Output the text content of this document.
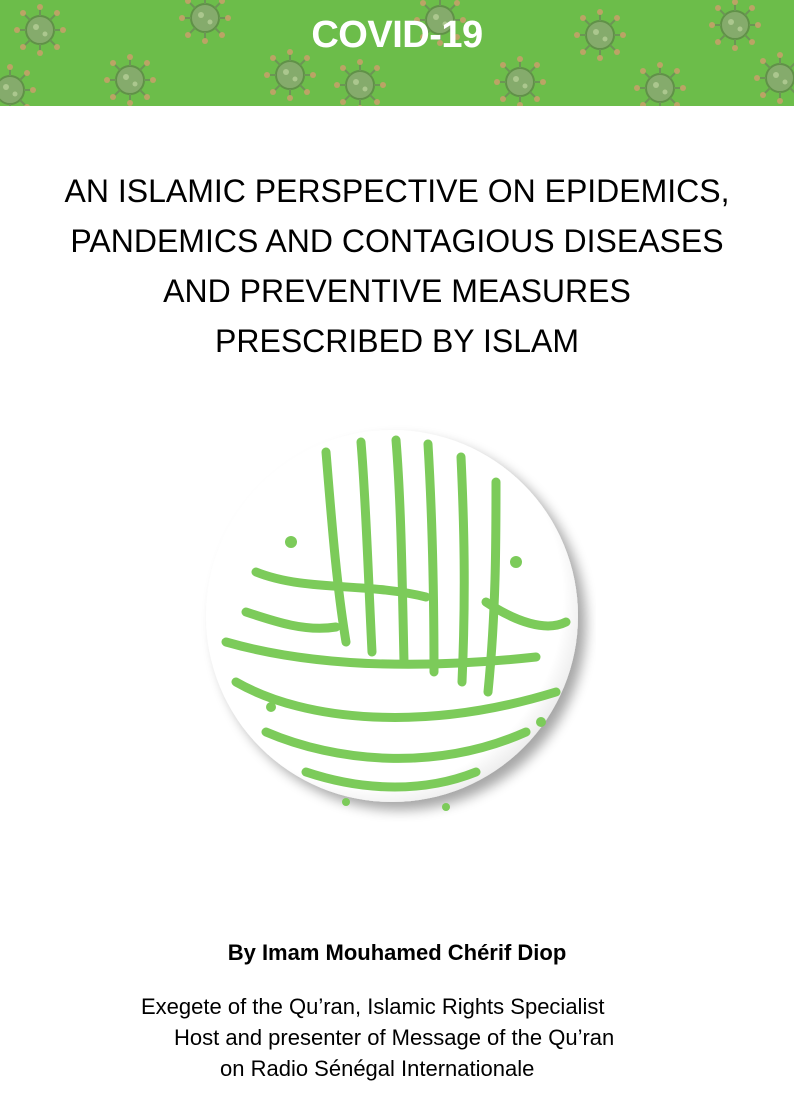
COVID-19
AN ISLAMIC PERSPECTIVE ON EPIDEMICS,
PANDEMICS AND CONTAGIOUS DISEASES
AND PREVENTIVE MEASURES
PRESCRIBED BY ISLAM
By Imam Mouhamed Chérif Diop
Exegete of the Qu’ran, Islamic Rights Specialist
Host and presenter of Message of the Qu’ran
on Radio Sénégal Internationale
